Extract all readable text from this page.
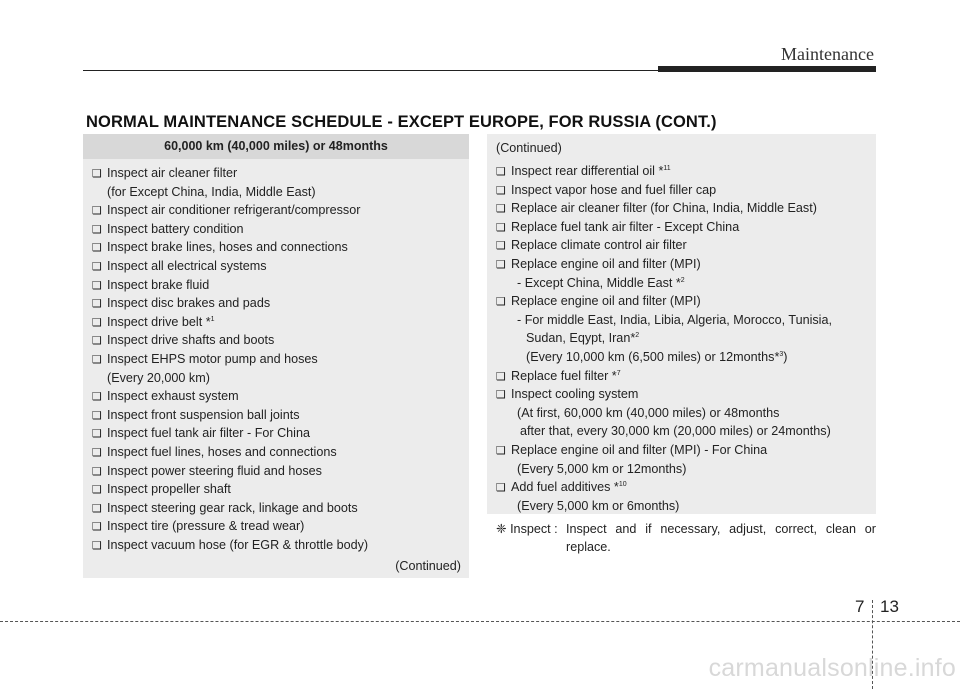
Maintenance
NORMAL MAINTENANCE SCHEDULE - EXCEPT EUROPE, FOR RUSSIA (CONT.)
60,000 km (40,000 miles) or 48months
❑ Inspect air cleaner filter
(for Except China, India, Middle East)
❑ Inspect air conditioner refrigerant/compressor
❑ Inspect battery condition
❑ Inspect brake lines, hoses and connections
❑ Inspect all electrical systems
❑ Inspect brake fluid
❑ Inspect disc brakes and pads
❑ Inspect drive belt *$^1$
❑ Inspect drive shafts and boots
❑ Inspect EHPS motor pump and hoses
(Every 20,000 km)
❑ Inspect exhaust system
❑ Inspect front suspension ball joints
❑ Inspect fuel tank air filter - For China
❑ Inspect fuel lines, hoses and connections
❑ Inspect power steering fluid and hoses
❑ Inspect propeller shaft
❑ Inspect steering gear rack, linkage and boots
❑ Inspect tire (pressure & tread wear)
❑ Inspect vacuum hose (for EGR & throttle body)
(Continued)
(Continued)
❑ Inspect rear differential oil *$^{11}$
❑ Inspect vapor hose and fuel filler cap
❑ Replace air cleaner filter (for China, India, Middle East)
❑ Replace fuel tank air filter - Except China
❑ Replace climate control air filter
❑ Replace engine oil and filter (MPI)
- Except China, Middle East *$^2$
❑ Replace engine oil and filter (MPI)
- For middle East, India, Libia, Algeria, Morocco, Tunisia,
Sudan, Eqypt, Iran*$^2$
(Every 10,000 km (6,500 miles) or 12months*$^3$)
❑ Replace fuel filter *$^7$
❑ Inspect cooling system
(At first, 60,000 km (40,000 miles) or 48months
after that, every 30,000 km (20,000 miles) or 24months)
❑ Replace engine oil and filter (MPI) - For China
(Every 5,000 km or 12months)
❑ Add fuel additives *$^{10}$
(Every 5,000 km or 6months)
❈ Inspect : Inspect and if necessary, adjust, correct, clean or replace.
7 13
carmanualsonline.info
